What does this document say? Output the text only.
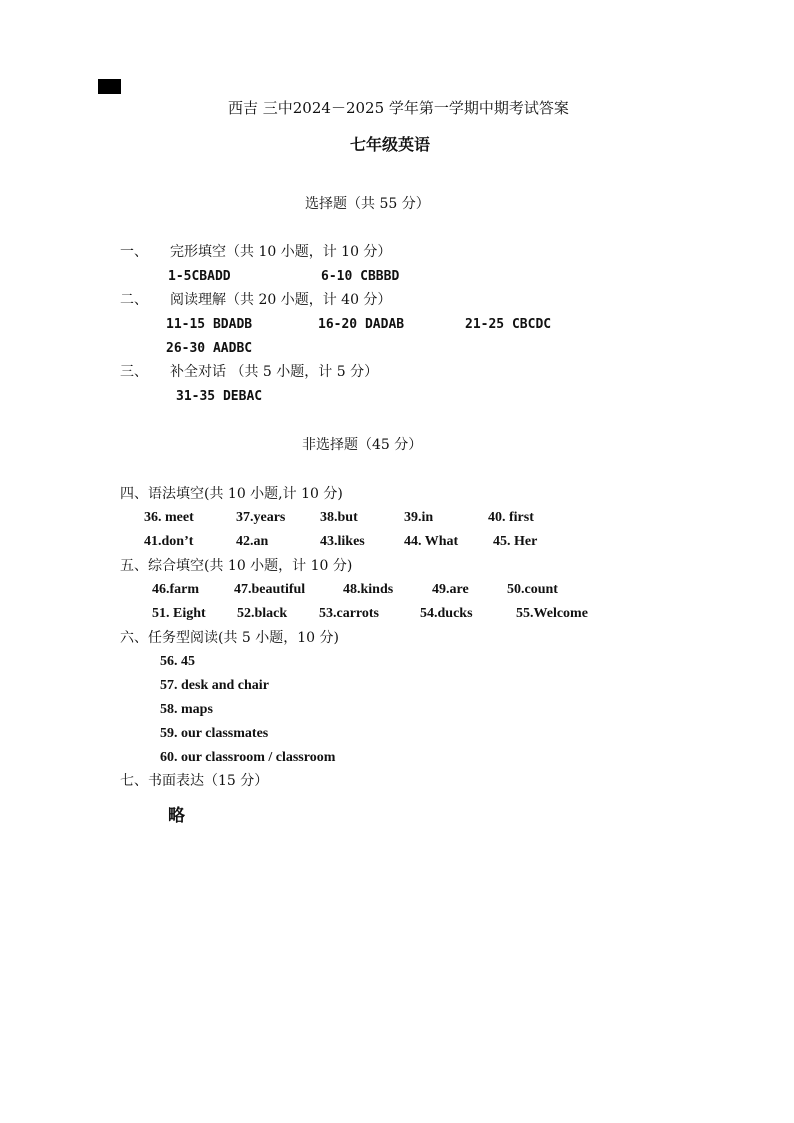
西吉 三中2024－2025 学年第一学期中期考试答案
七年级英语
选择题（共 55 分）
一、 完形填空（共 10 小题，计 10 分）
1-5CBADD	6-10 CBBBD
二、 阅读理解（共 20 小题，计 40 分）
11-15 BDADB	16-20 DADAB	21-25 CBCDC
26-30 AADBC
三、 补全对话 （共 5 小题，计 5 分）
31-35 DEBAC
非选择题（45 分）
四、语法填空(共 10 小题,计 10 分)
36. meet	37.years 38.but	39.in	40. first
41.don’t	42.an	43.likes	44. What 45. Her
五、综合填空(共 10 小题，计 10 分)
46.farm 47.beautiful	48.kinds	49.are	50.count
51. Eight 52.black 53.carrots	54.ducks	55.Welcome
六、任务型阅读(共 5 小题，10 分)
56. 45
57. desk and chair
58. maps
59. our classmates
60. our classroom / classroom
七、书面表达（15 分）
略
